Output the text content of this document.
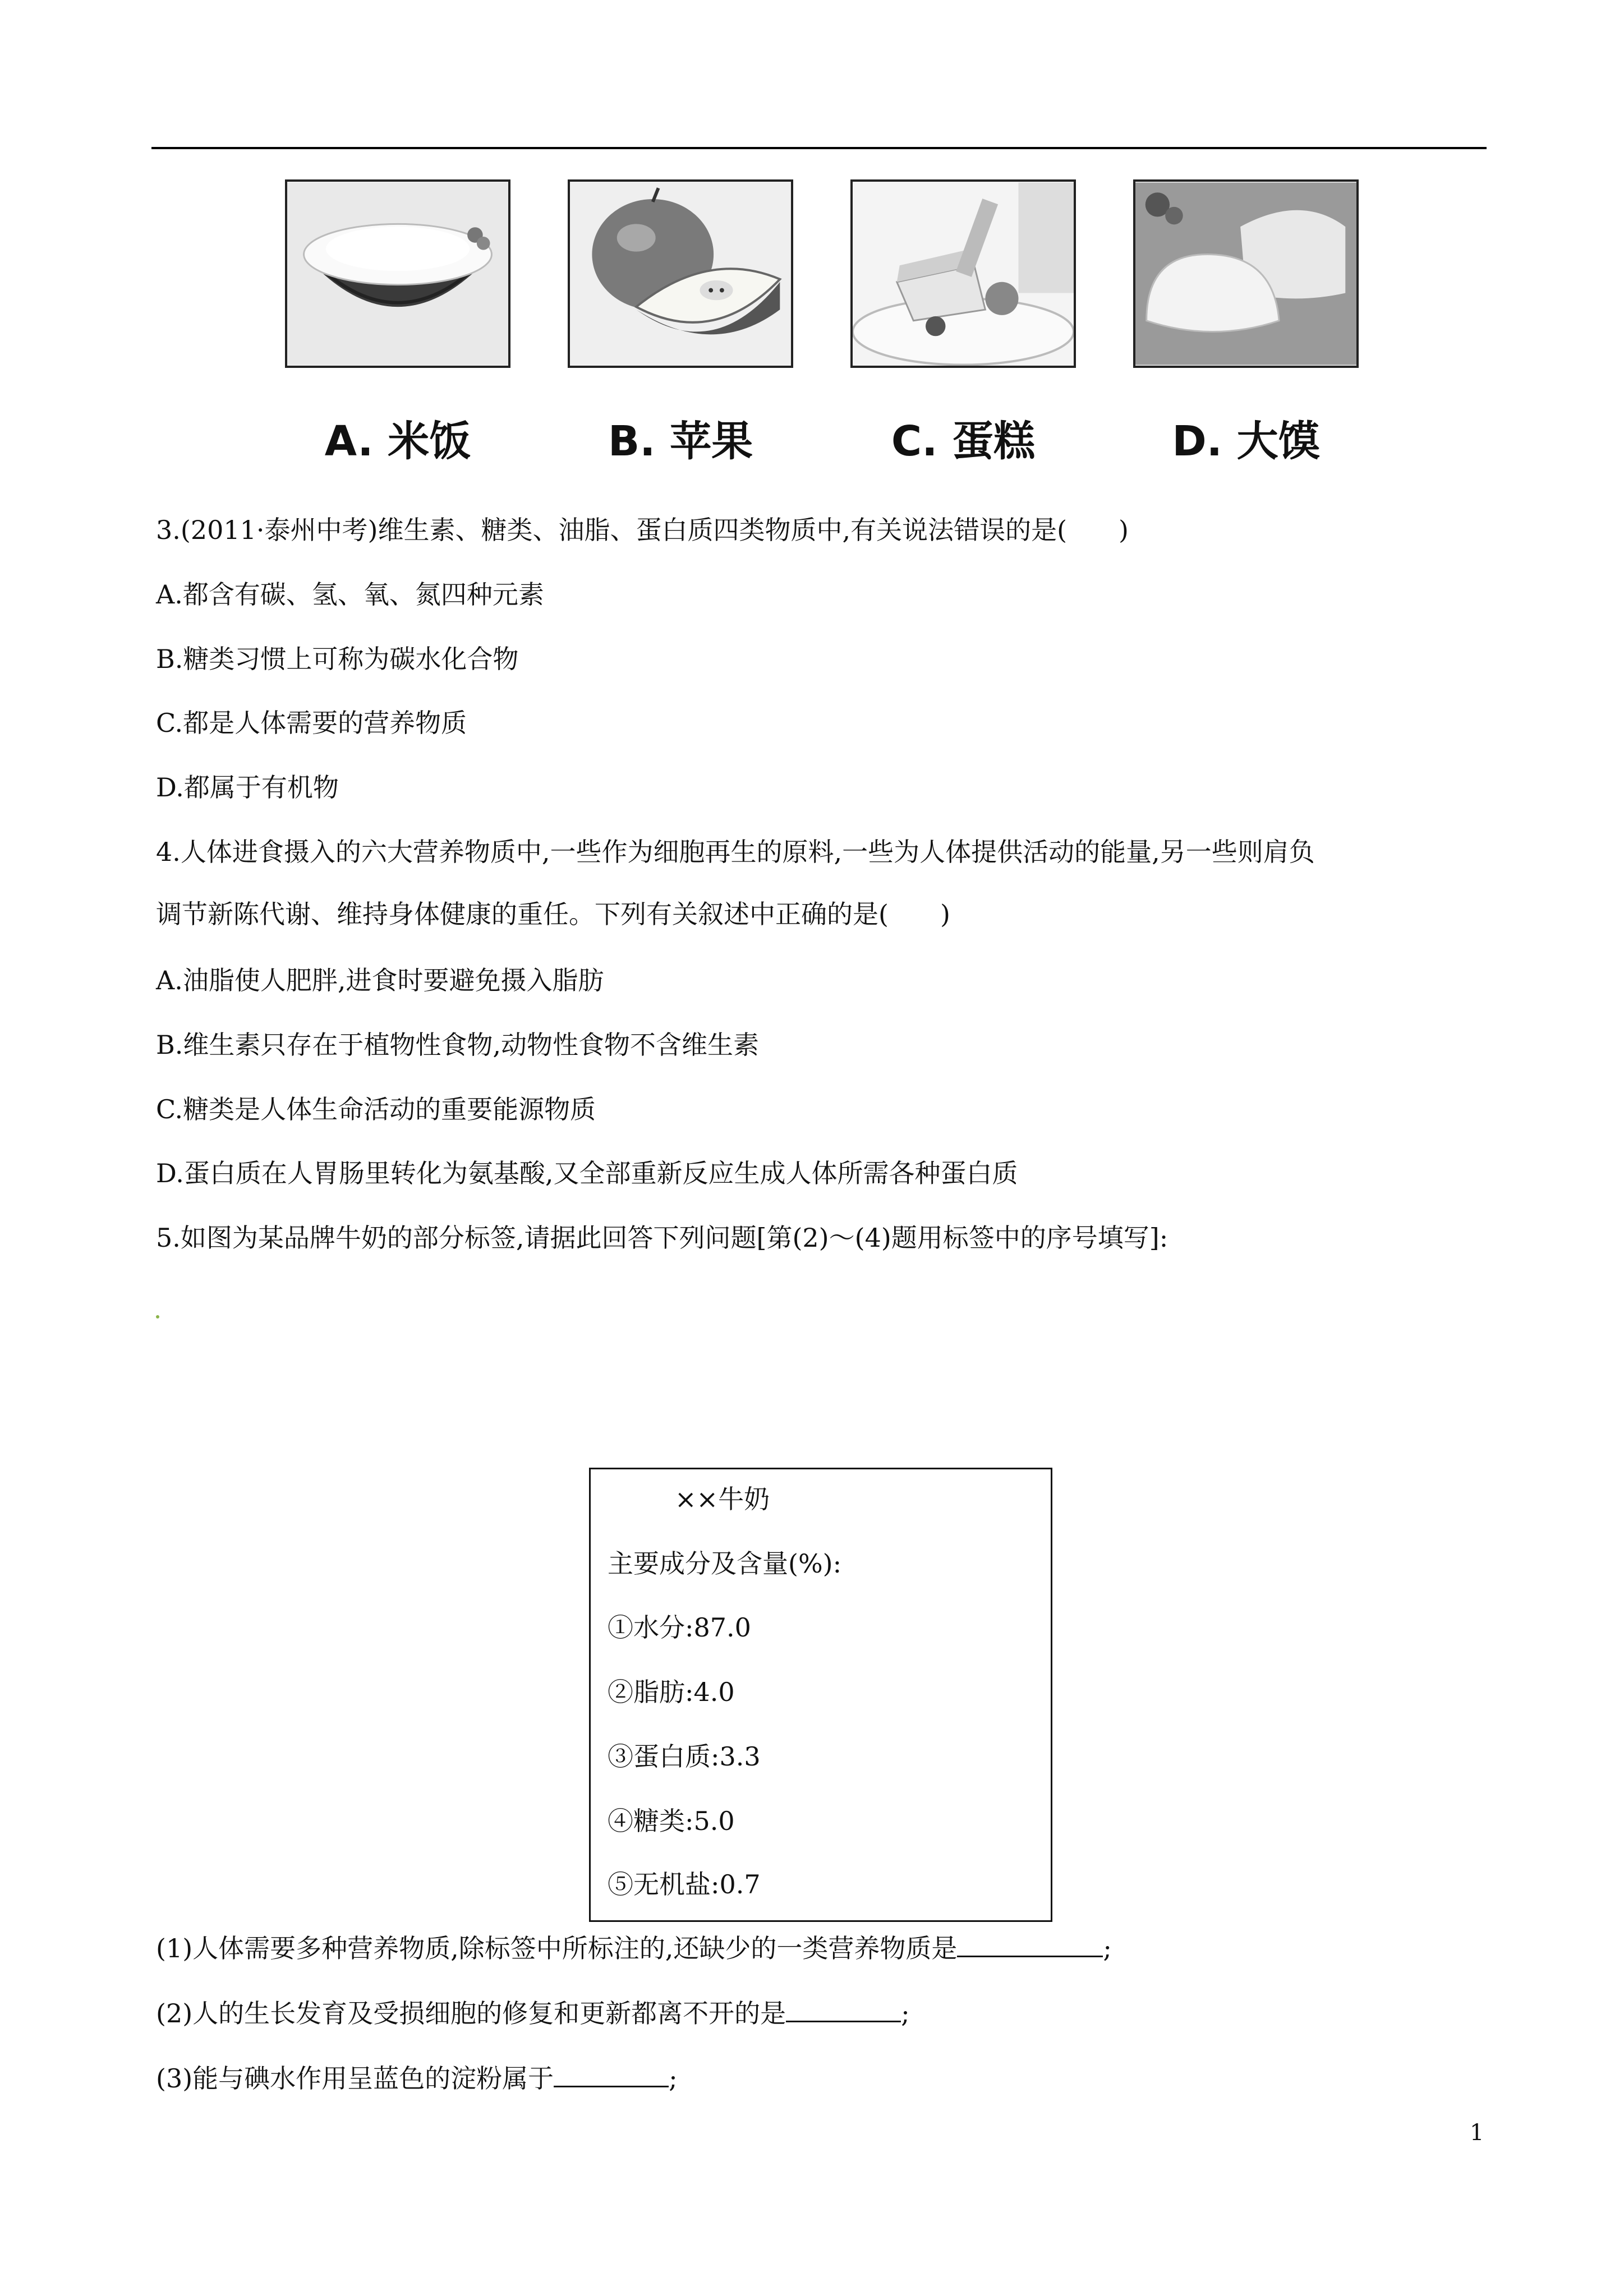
A. 米饭	B. 苹果	C. 蛋糕	D. 大馍
3.(2011·泰州中考)维生素、糖类、油脂、蛋白质四类物质中,有关说法错误的是(　　)
A.都含有碳、氢、氧、氮四种元素
B.糖类习惯上可称为碳水化合物
C.都是人体需要的营养物质
D.都属于有机物
4.人体进食摄入的六大营养物质中,一些作为细胞再生的原料,一些为人体提供活动的能量,另一些则肩负
调节新陈代谢、维持身体健康的重任。下列有关叙述中正确的是(　　)
A.油脂使人肥胖,进食时要避免摄入脂肪
B.维生素只存在于植物性食物,动物性食物不含维生素
C.糖类是人体生命活动的重要能源物质
D.蛋白质在人胃肠里转化为氨基酸,又全部重新反应生成人体所需各种蛋白质
5.如图为某品牌牛奶的部分标签,请据此回答下列问题[第(2)～(4)题用标签中的序号填写]:
××牛奶
主要成分及含量(%):
①水分:87.0
②脂肪:4.0
③蛋白质:3.3
④糖类:5.0
⑤无机盐:0.7
(1)人体需要多种营养物质,除标签中所标注的,还缺少的一类营养物质是	;
(2)人的生长发育及受损细胞的修复和更新都离不开的是	;
(3)能与碘水作用呈蓝色的淀粉属于	;
1
